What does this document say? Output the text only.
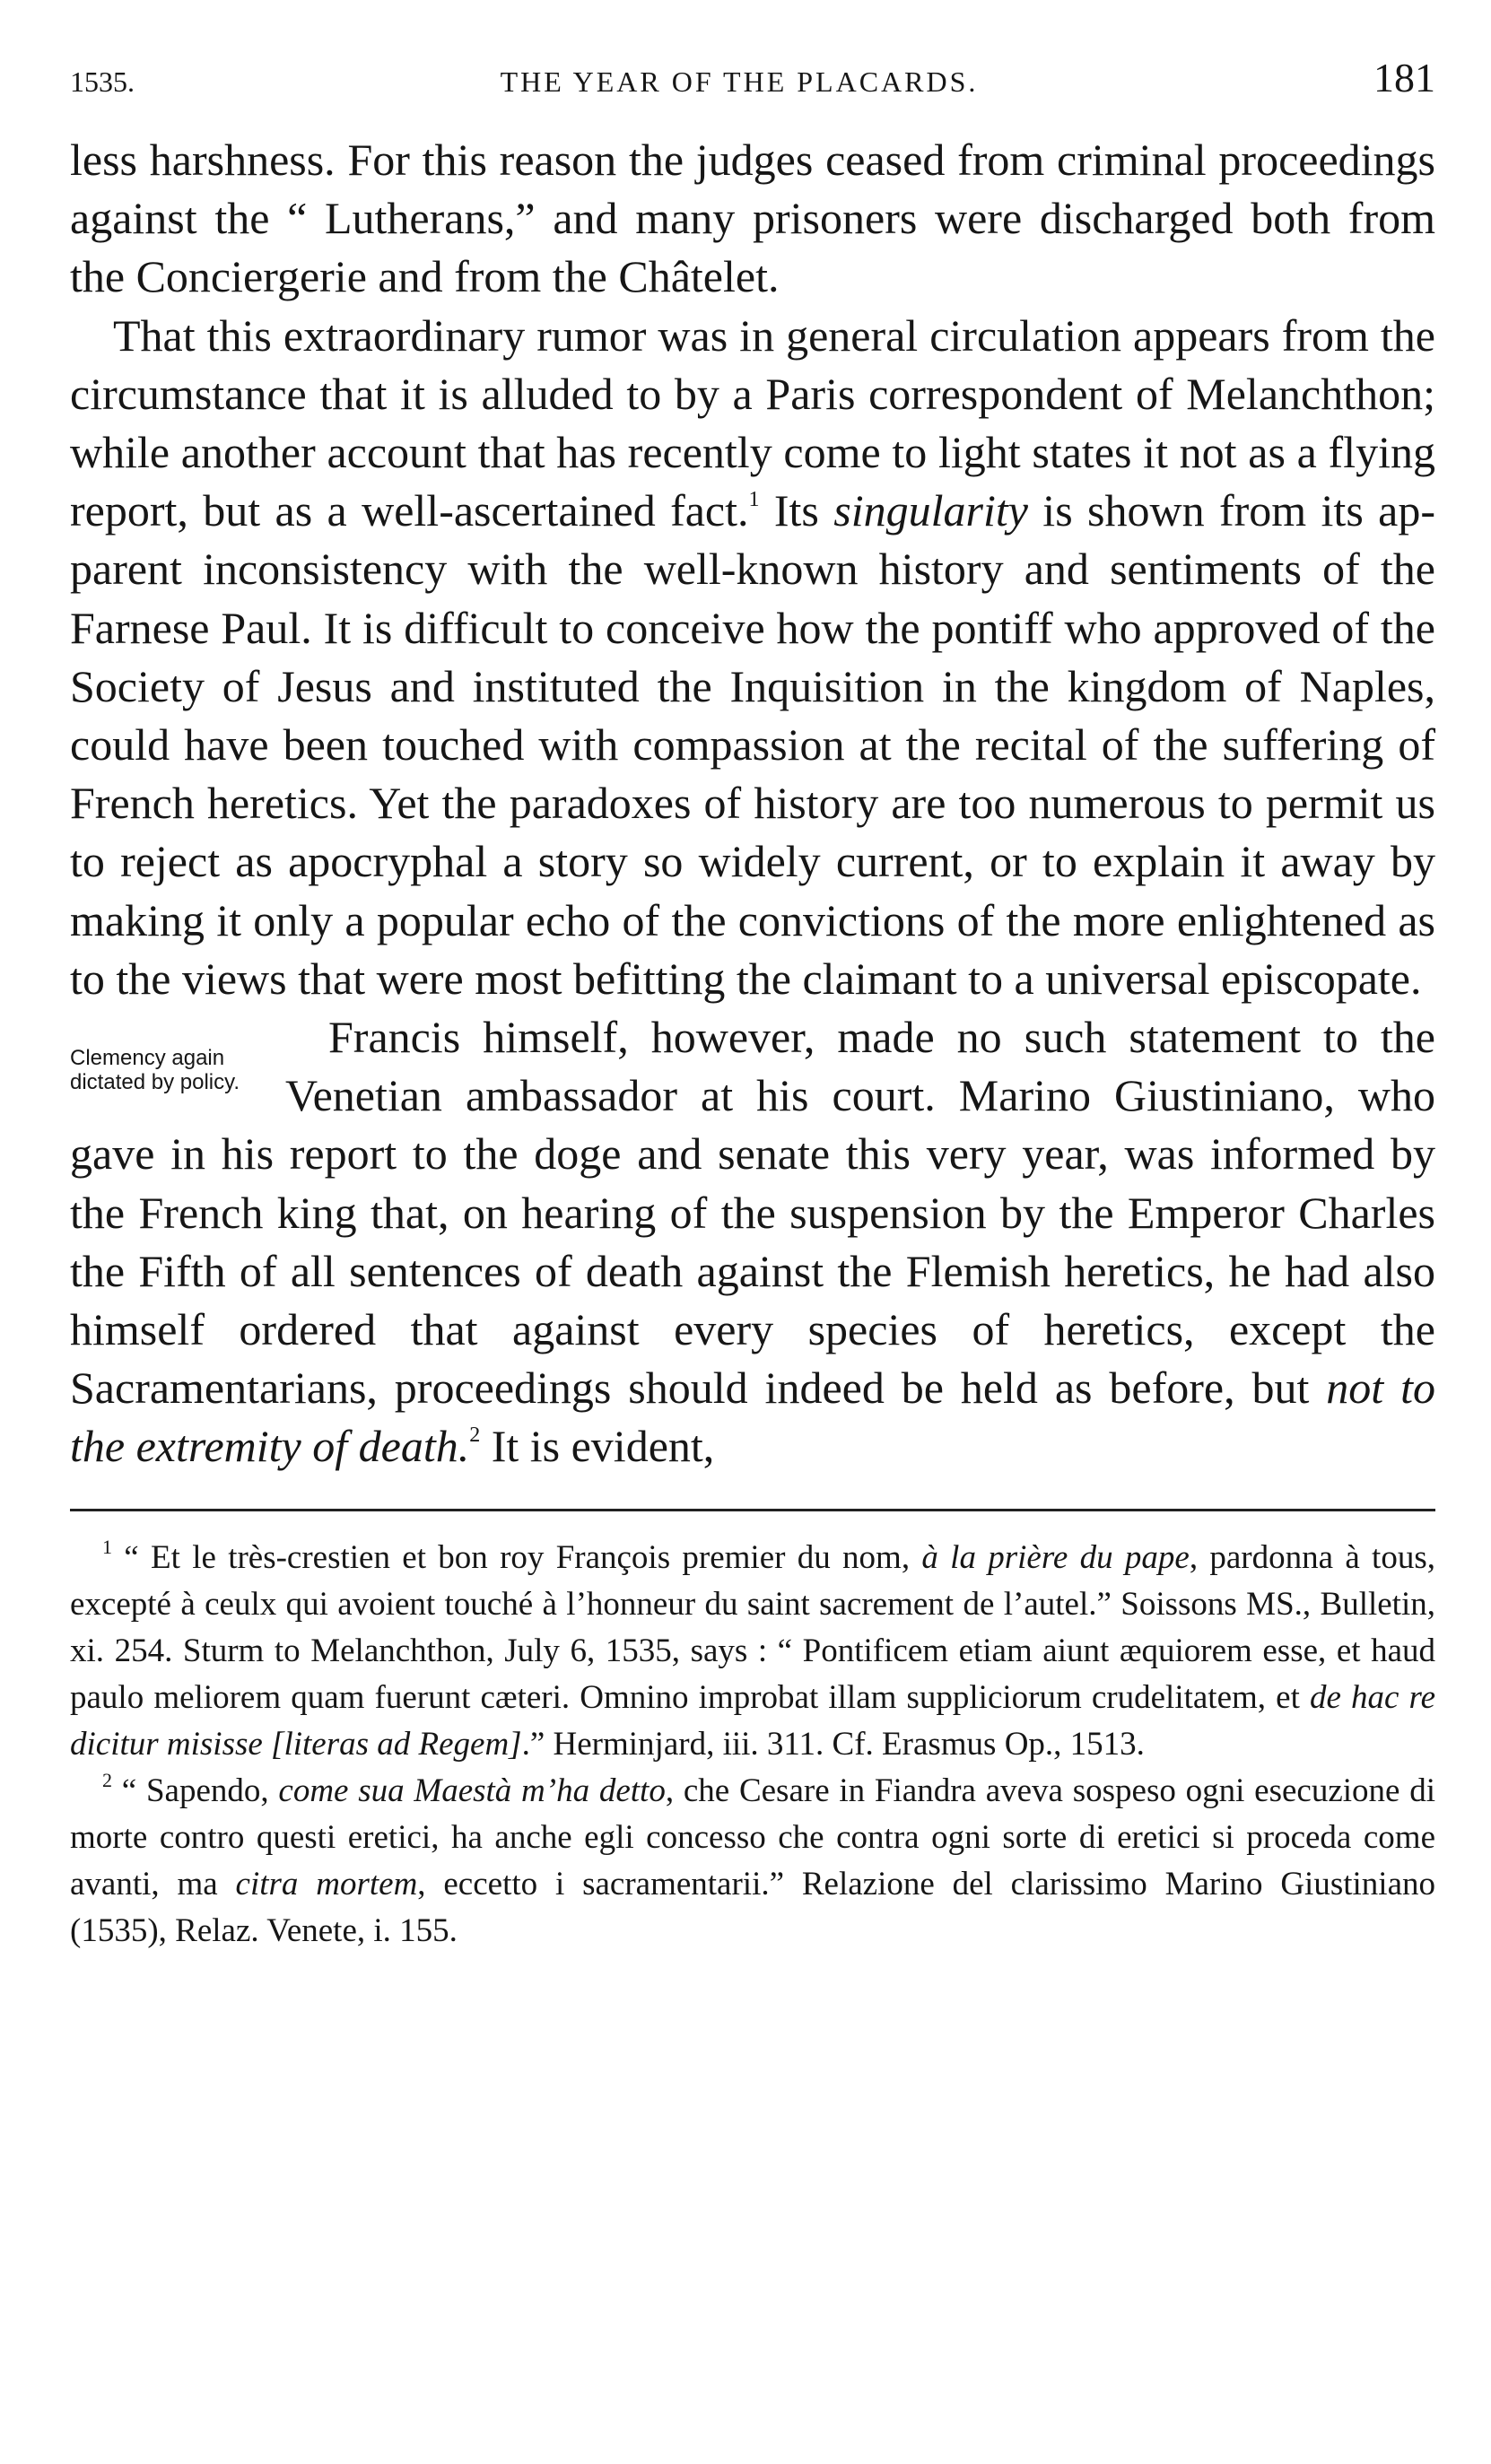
1535.	THE YEAR OF THE PLACARDS.	181

less harshness. For this reason the judges ceased from criminal proceedings against the “ Lutherans,” and many prisoners were discharged both from the Conciergerie and from the Châtelet.

That this extraordinary rumor was in general circulation appears from the circumstance that it is alluded to by a Paris correspondent of Melanchthon; while another account that has recently come to light states it not as a flying report, but as a well-ascertained fact.$^1$ Its singularity is shown from its apparent inconsistency with the well-known history and sentiments of the Farnese Paul. It is difficult to conceive how the pontiff who approved of the Society of Jesus and instituted the Inquisition in the kingdom of Naples, could have been touched with compassion at the recital of the suffering of French heretics. Yet the paradoxes of history are too numerous to permit us to reject as apocryphal a story so widely current, or to explain it away by making it only a popular echo of the convictions of the more enlightened as to the views that were most befitting the claimant to a universal episcopate.

Clemency again dictated by policy.
Francis himself, however, made no such statement to the Venetian ambassador at his court. Marino Giustiniano, who gave in his report to the doge and senate this very year, was informed by the French king that, on hearing of the suspension by the Emperor Charles the Fifth of all sentences of death against the Flemish heretics, he had also himself ordered that against every species of heretics, except the Sacramentarians, proceedings should indeed be held as before, but not to the extremity of death.$^2$ It is evident,

$^1$ “ Et le très-crestien et bon roy François premier du nom, à la prière du pape, pardonna à tous, excepté à ceulx qui avoient touché à l’honneur du saint sacrement de l’autel.” Soissons MS., Bulletin, xi. 254. Sturm to Melanchthon, July 6, 1535, says : “ Pontificem etiam aiunt æquiorem esse, et haud paulo meliorem quam fuerunt cæteri. Omnino improbat illam suppliciorum crudelitatem, et de hac re dicitur misisse [literas ad Regem].” Herminjard, iii. 311. Cf. Erasmus Op., 1513.

$^2$ “ Sapendo, come sua Maestà m’ha detto, che Cesare in Fiandra aveva sospeso ogni esecuzione di morte contro questi eretici, ha anche egli concesso che contra ogni sorte di eretici si proceda come avanti, ma citra mortem, eccetto i sacramentarii.” Relazione del clarissimo Marino Giustiniano (1535), Relaz. Venete, i. 155.
